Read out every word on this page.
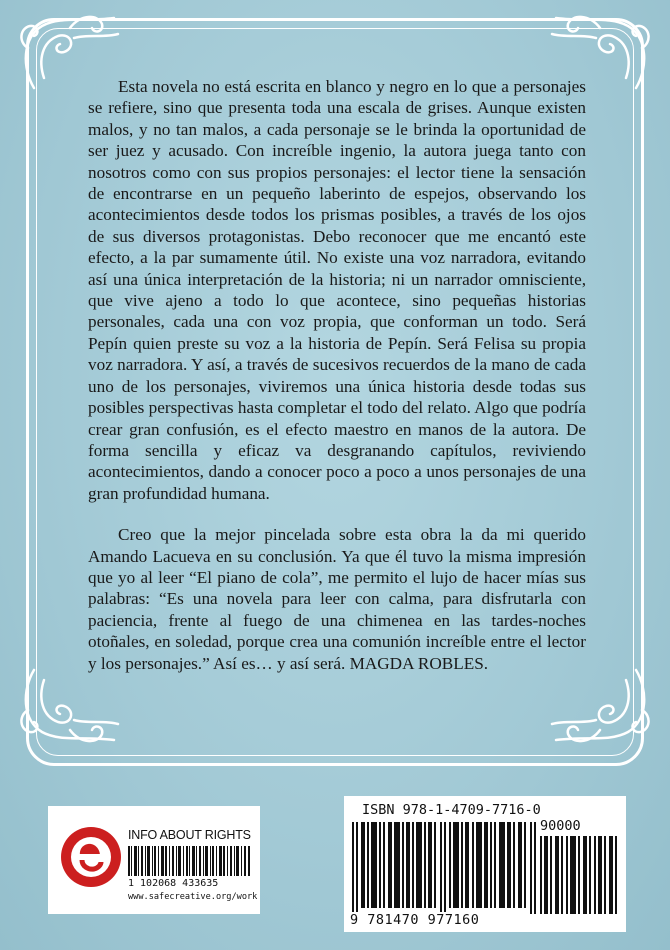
Esta novela no está escrita en blanco y negro en lo que a personajes se refiere, sino que presenta toda una escala de grises. Aunque existen malos, y no tan malos, a cada personaje se le brinda la oportunidad de ser juez y acusado. Con increíble ingenio, la autora juega tanto con nosotros como con sus propios personajes: el lector tiene la sensación de encontrarse en un pequeño laberinto de espejos, observando los acontecimientos desde todos los prismas posibles, a través de los ojos de sus diversos protagonistas. Debo reconocer que me encantó este efecto, a la par sumamente útil. No existe una voz narradora, evitando así una única interpretación de la historia; ni un narrador omnisciente, que vive ajeno a todo lo que acontece, sino pequeñas historias personales, cada una con voz propia, que conforman un todo. Será Pepín quien preste su voz a la historia de Pepín. Será Felisa su propia voz narradora. Y así, a través de sucesivos recuerdos de la mano de cada uno de los personajes, viviremos una única historia desde todas sus posibles perspectivas hasta completar el todo del relato. Algo que podría crear gran confusión, es el efecto maestro en manos de la autora. De forma sencilla y eficaz va desgranando capítulos, reviviendo acontecimientos, dando a conocer poco a poco a unos personajes de una gran profundidad humana.

Creo que la mejor pincelada sobre esta obra la da mi querido Amando Lacueva en su conclusión. Ya que él tuvo la misma impresión que yo al leer “El piano de cola”, me permito el lujo de hacer mías sus palabras: “Es una novela para leer con calma, para disfrutarla con paciencia, frente al fuego de una chimenea en las tardes-noches otoñales, en soledad, porque crea una comunión increíble entre el lector y los personajes.” Así es… y así será. MAGDA ROBLES.

INFO ABOUT RIGHTS
1 102068 433635
www.safecreative.org/work
ISBN 978-1-4709-7716-0
90000
9 781470 977160
